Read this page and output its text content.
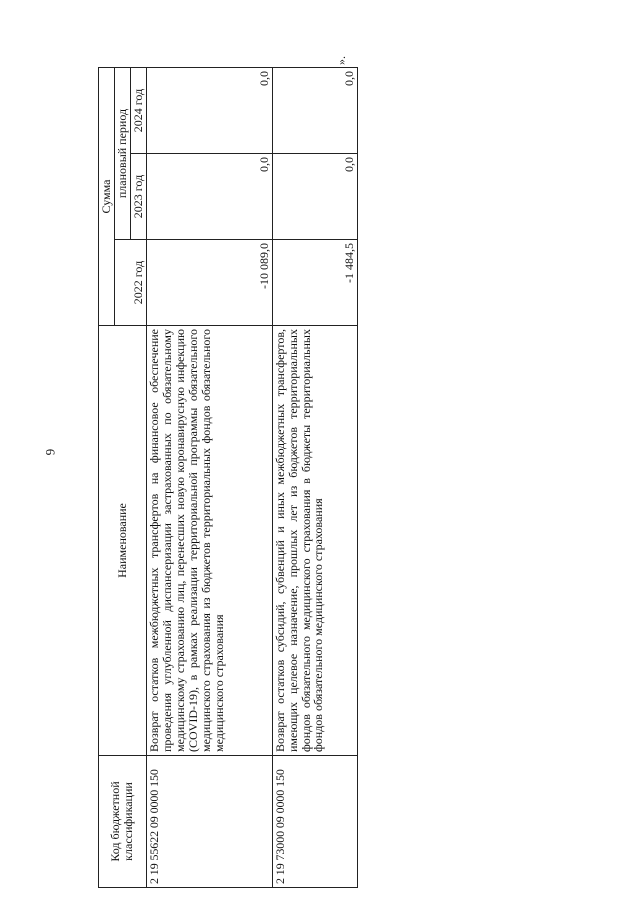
6
Код бюджетной классификации	Наименование	Сумма		
		2022 год	плановый период	
			2023 год	2024 год
2 19 55622 09 0000 150	Возврат остатков межбюджетных трансфертов на финансовое обеспечение проведения углубленной диспансеризации застрахованных по обязательному медицинскому страхованию лиц, перенесших новую коронавирусную инфекцию (COVID-19), в рамках реализации территориальной программы обязательного медицинского страхования из бюджетов территориальных фондов обязательного медицинского страхования	-10 089,0	0,0	0,0
2 19 73000 09 0000 150	Возврат остатков субсидий, субвенций и иных межбюджетных трансфертов, имеющих целевое назначение, прошлых лет из бюджетов территориальных фондов обязательного медицинского страхования в бюджеты территориальных фондов обязательного медицинского страхования	-1 484,5	0,0	0,0
».
